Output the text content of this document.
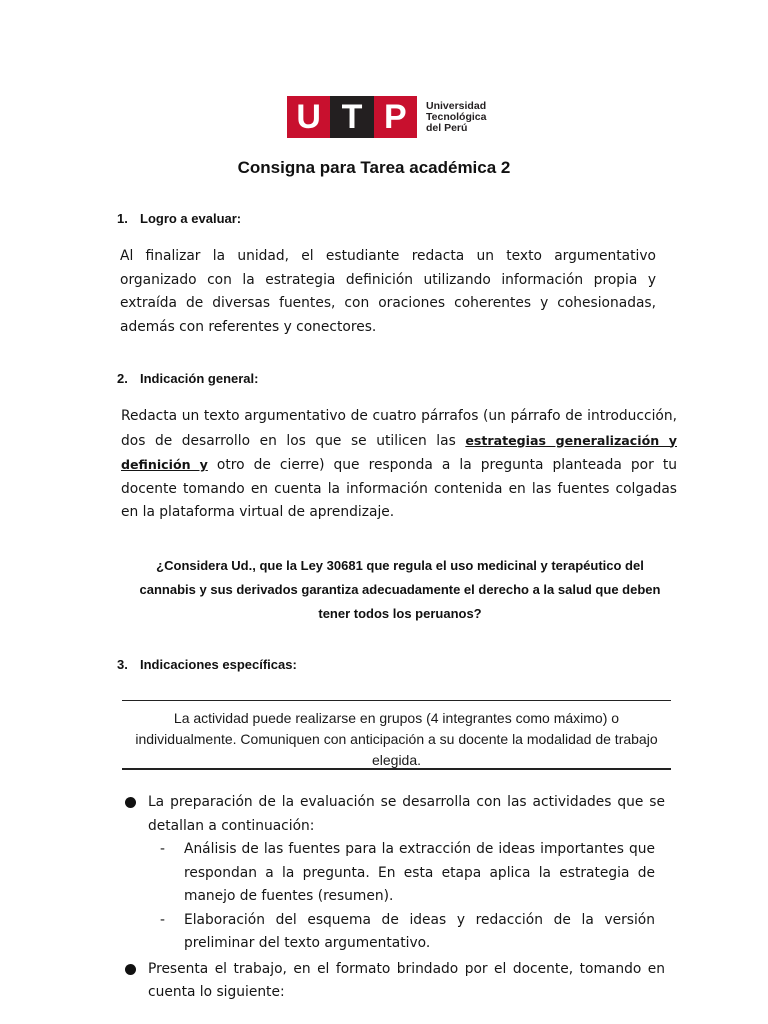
U T P	Universidad
Tecnológica
del Perú
Consigna para Tarea académica 2
1. Logro a evaluar:
Al finalizar la unidad, el estudiante redacta un texto argumentativo organizado con la estrategia definición utilizando información propia y extraída de diversas fuentes, con oraciones coherentes y cohesionadas, además con referentes y conectores.
2. Indicación general:
Redacta un texto argumentativo de cuatro párrafos (un párrafo de introducción, dos de desarrollo en los que se utilicen las estrategias generalización y definición y otro de cierre) que responda a la pregunta planteada por tu docente tomando en cuenta la información contenida en las fuentes colgadas en la plataforma virtual de aprendizaje.
¿Considera Ud., que la Ley 30681 que regula el uso medicinal y terapéutico del cannabis y sus derivados garantiza adecuadamente el derecho a la salud que deben tener todos los peruanos?
3. Indicaciones específicas:
La actividad puede realizarse en grupos (4 integrantes como máximo) o individualmente. Comuniquen con anticipación a su docente la modalidad de trabajo elegida.
La preparación de la evaluación se desarrolla con las actividades que se detallan a continuación:
- Análisis de las fuentes para la extracción de ideas importantes que respondan a la pregunta. En esta etapa aplica la estrategia de manejo de fuentes (resumen).
- Elaboración del esquema de ideas y redacción de la versión preliminar del texto argumentativo.
Presenta el trabajo, en el formato brindado por el docente, tomando en cuenta lo siguiente:
